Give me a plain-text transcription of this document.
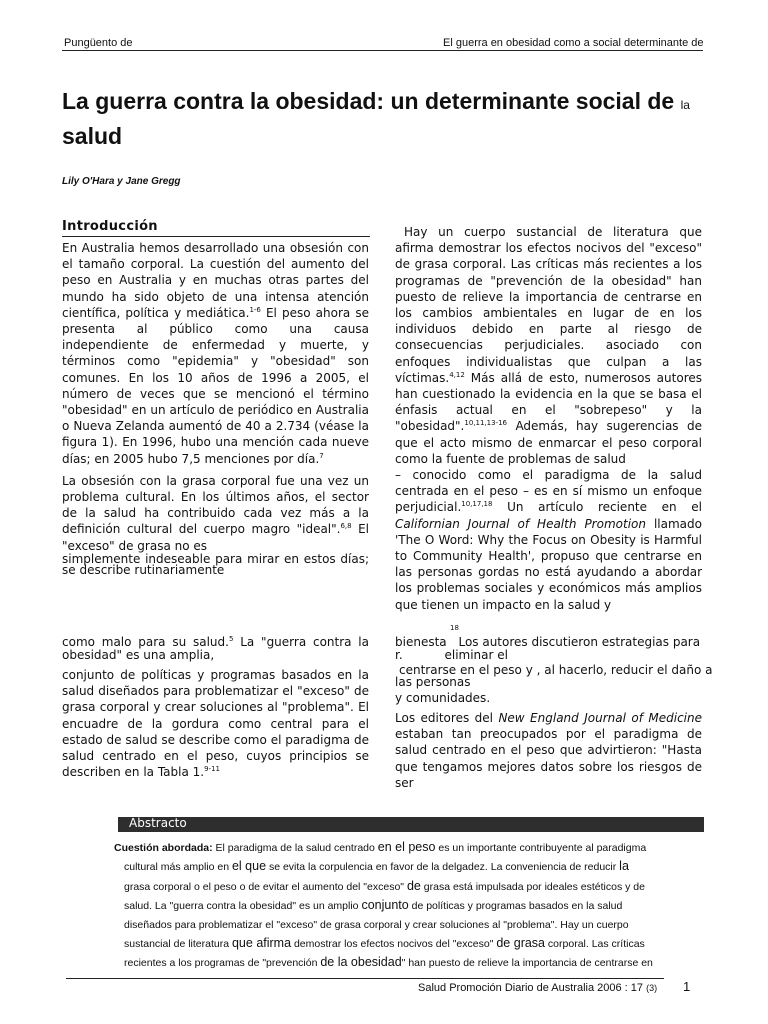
Pungüento de	El guerra en obesidad como a social determinante de
La guerra contra la obesidad: un determinante social de la
salud
Lily O'Hara y Jane Gregg
Introducción

En Australia hemos desarrollado una obsesión con el tamaño corporal. La cuestión del aumento del peso en Australia y en muchas otras partes del mundo ha sido objeto de una intensa atención científica, política y mediática.$^{1-6}$ El peso ahora se presenta al público como una causa independiente de enfermedad y muerte, y términos como "epidemia" y "obesidad" son comunes. En los 10 años de 1996 a 2005, el número de veces que se mencionó el término "obesidad" en un artículo de periódico en Australia o Nueva Zelanda aumentó de 40 a 2.734 (véase la figura 1). En 1996, hubo una mención cada nueve días; en 2005 hubo 7,5 menciones por día.$^7$

La obsesión con la grasa corporal fue una vez un problema cultural. En los últimos años, el sector de la salud ha contribuido cada vez más a la definición cultural del cuerpo magro "ideal".$^{6,8}$ El "exceso" de grasa no es

simplemente indeseable para mirar en estos días; se describe rutinariamente

como malo para su salud.$^5$ La "guerra contra la obesidad" es una amplia,

conjunto de políticas y programas basados en la salud diseñados para problematizar el "exceso" de grasa corporal y crear soluciones al "problema". El encuadre de la gordura como central para el estado de salud se describe como el paradigma de salud centrado en el peso, cuyos principios se describen en la Tabla 1.$^{9-11}$

Hay un cuerpo sustancial de literatura que afirma demostrar los efectos nocivos del "exceso" de grasa corporal. Las críticas más recientes a los programas de "prevención de la obesidad" han puesto de relieve la importancia de centrarse en los cambios ambientales en lugar de en los individuos debido en parte al riesgo de consecuencias perjudiciales. asociado con enfoques individualistas que culpan a las víctimas.$^{4,12}$ Más allá de esto, numerosos autores han cuestionado la evidencia en la que se basa el énfasis actual en el "sobrepeso" y la "obesidad".$^{10,11,13-16}$ Además, hay sugerencias de que el acto mismo de enmarcar el peso corporal como la fuente de problemas de salud

– conocido como el paradigma de la salud centrada en el peso – es en sí mismo un enfoque perjudicial.$^{10,17,18}$ Un artículo reciente en el Californian Journal of Health Promotion llamado 'The O Word: Why the Focus on Obesity is Harmful to Community Health', propuso que centrarse en las personas gordas no está ayudando a abordar los problemas sociales y económicos más amplios que tienen un impacto en la salud y

18
bienesta Los autores discutieron estrategias para
r.	eliminar el
centrarse en el peso y , al hacerlo, reducir el daño a las personas
y comunidades.
Los editores del New England Journal of Medicine estaban tan preocupados por el paradigma de salud centrado en el peso que advirtieron: "Hasta que tengamos mejores datos sobre los riesgos de ser
Abstracto
Cuestión abordada: El paradigma de la salud centrado en el peso es un importante contribuyente al paradigma
cultural más amplio en el que se evita la corpulencia en favor de la delgadez. La conveniencia de reducir la
grasa corporal o el peso o de evitar el aumento del "exceso" de grasa está impulsada por ideales estéticos y de
salud. La "guerra contra la obesidad" es un amplio conjunto de políticas y programas basados en la salud
diseñados para problematizar el "exceso" de grasa corporal y crear soluciones al "problema". Hay un cuerpo
sustancial de literatura que afirma demostrar los efectos nocivos del "exceso" de grasa corporal. Las críticas
recientes a los programas de "prevención de la obesidad" han puesto de relieve la importancia de centrarse en
Salud Promoción Diario de Australia 2006 : 17 (3) 1
